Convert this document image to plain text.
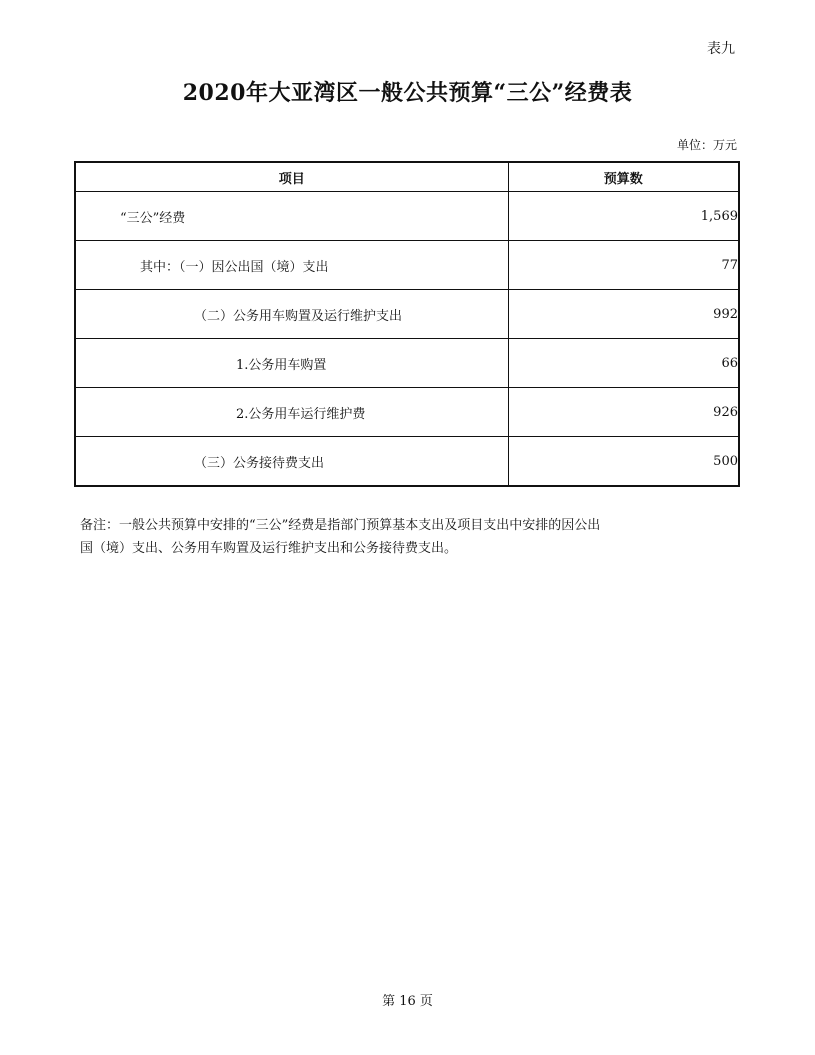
表九
2020年大亚湾区一般公共预算“三公”经费表
单位：万元
项目	预算数
“三公”经费	1,569
其中：（一）因公出国（境）支出	77
（二）公务用车购置及运行维护支出	992
1.公务用车购置	66
2.公务用车运行维护费	926
（三）公务接待费支出	500

备注：一般公共预算中安排的“三公”经费是指部门预算基本支出及项目支出中安排的因公出

国（境）支出、公务用车购置及运行维护支出和公务接待费支出。

第 16 页
